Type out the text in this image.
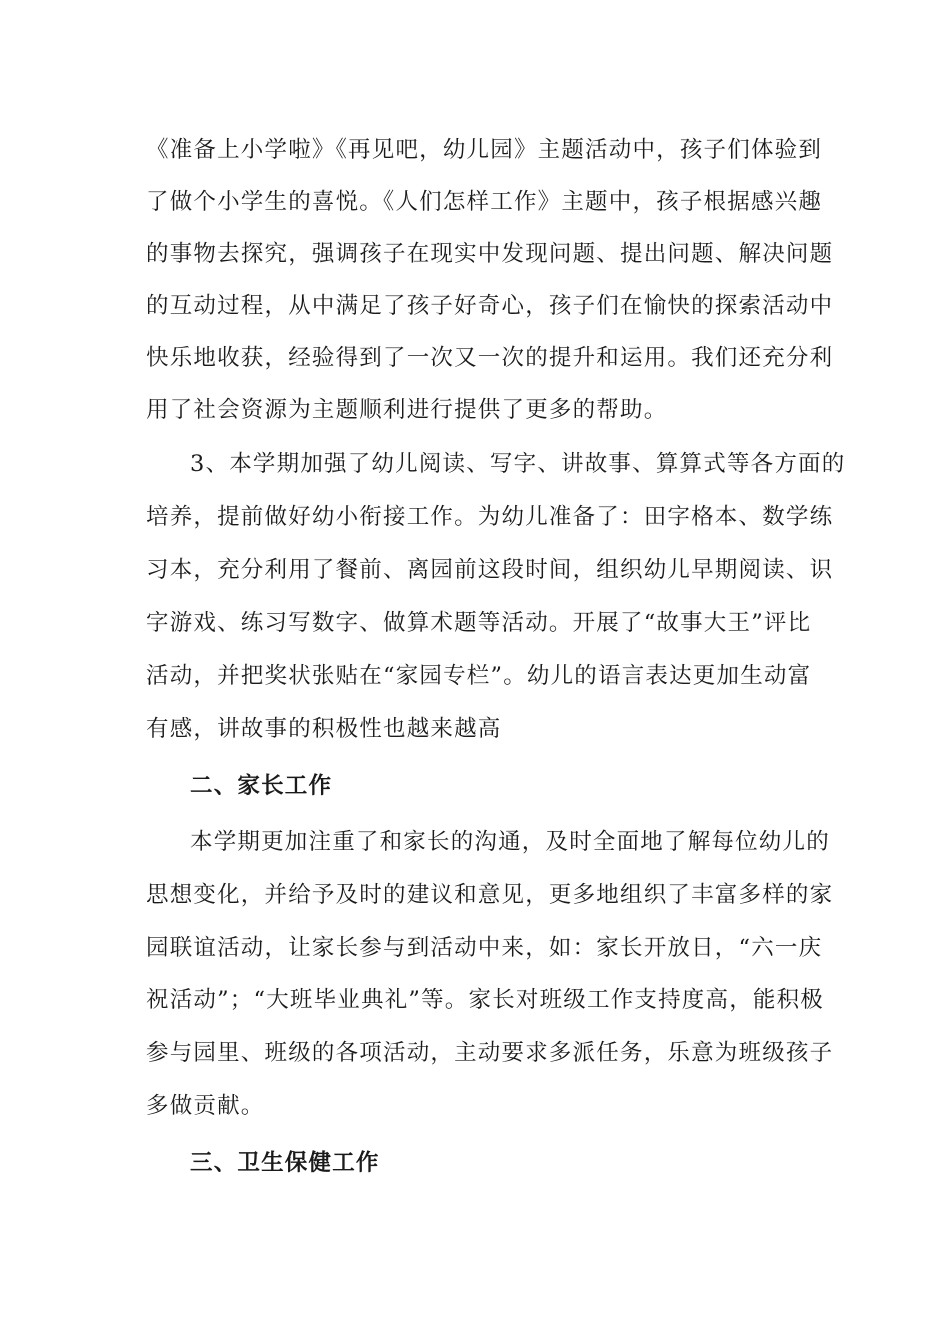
《准备上小学啦》《再见吧，幼儿园》主题活动中，孩子们体验到
了做个小学生的喜悦。《人们怎样工作》主题中，孩子根据感兴趣
的事物去探究，强调孩子在现实中发现问题、提出问题、解决问题
的互动过程，从中满足了孩子好奇心，孩子们在愉快的探索活动中
快乐地收获，经验得到了一次又一次的提升和运用。我们还充分利
用了社会资源为主题顺利进行提供了更多的帮助。
3、本学期加强了幼儿阅读、写字、讲故事、算算式等各方面的
培养，提前做好幼小衔接工作。为幼儿准备了：田字格本、数学练
习本，充分利用了餐前、离园前这段时间，组织幼儿早期阅读、识
字游戏、练习写数字、做算术题等活动。开展了“故事大王”评比
活动，并把奖状张贴在“家园专栏”。幼儿的语言表达更加生动富
有感，讲故事的积极性也越来越高
二、家长工作
本学期更加注重了和家长的沟通，及时全面地了解每位幼儿的
思想变化，并给予及时的建议和意见，更多地组织了丰富多样的家
园联谊活动，让家长参与到活动中来，如：家长开放日，“六一庆
祝活动”；“大班毕业典礼”等。家长对班级工作支持度高，能积极
参与园里、班级的各项活动，主动要求多派任务，乐意为班级孩子
多做贡献。
三、卫生保健工作
